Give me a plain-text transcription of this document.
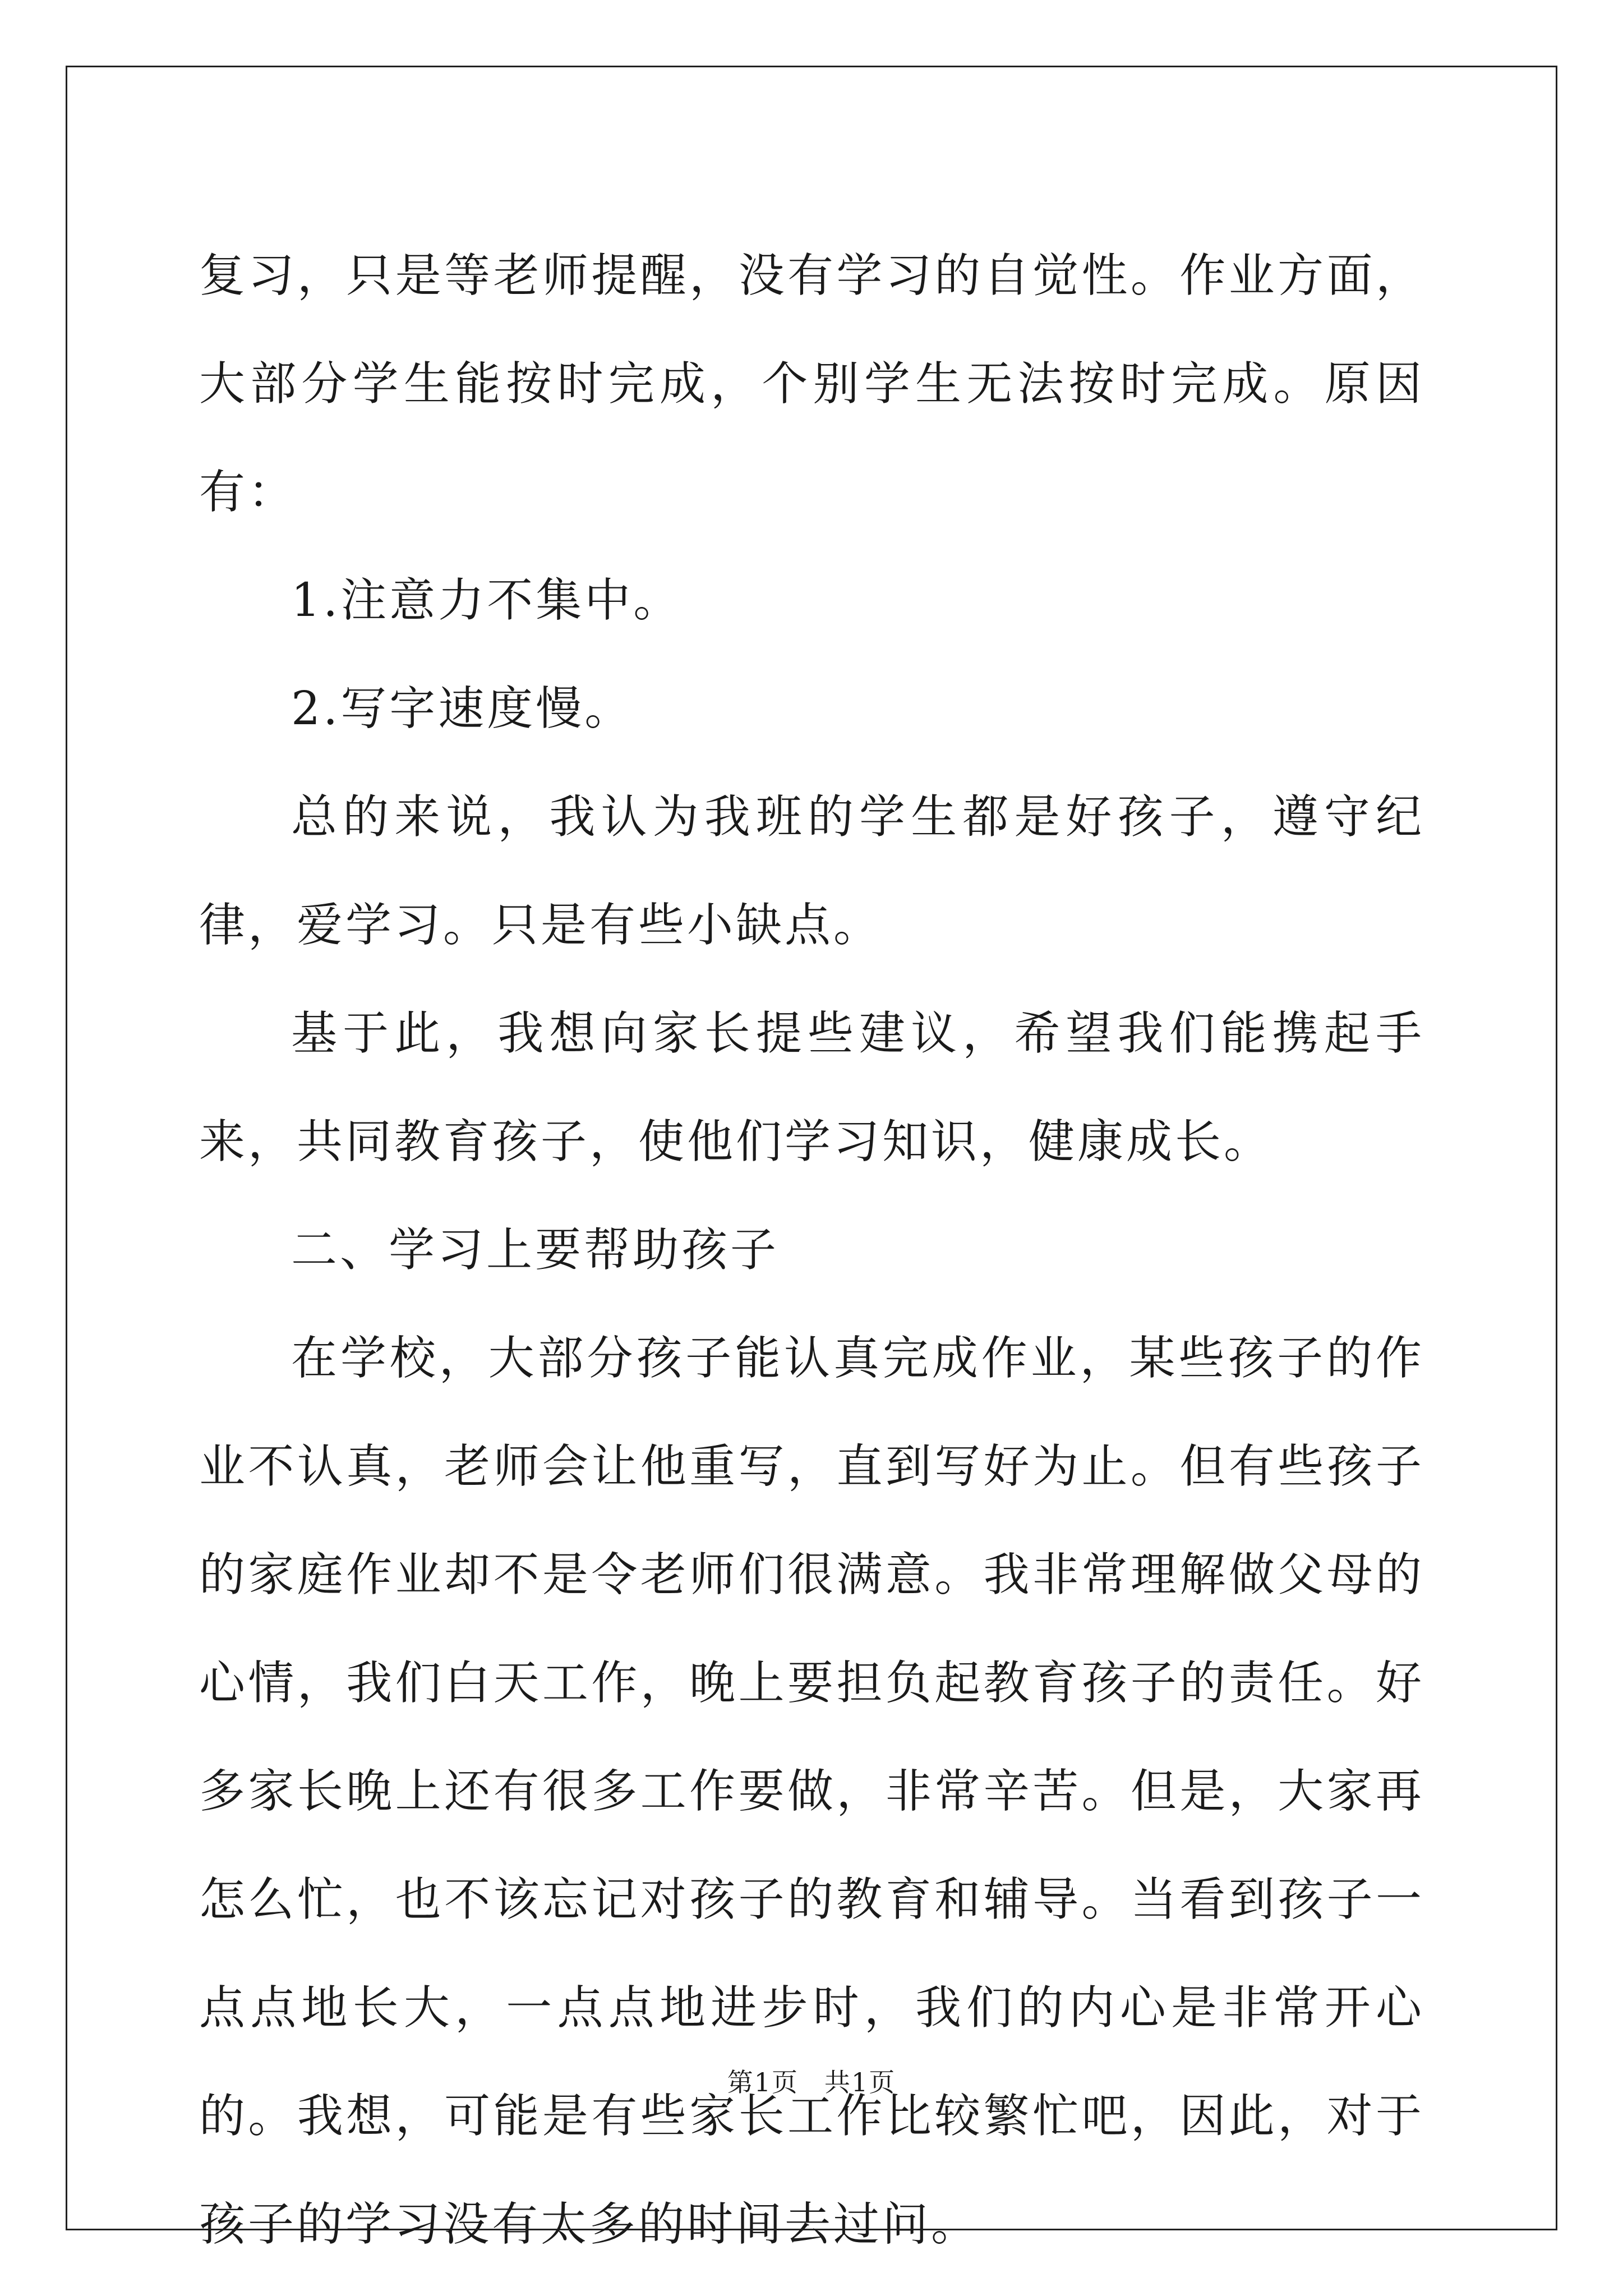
复习，只是等老师提醒，没有学习的自觉性。作业方面，大部分学生能按时完成，个别学生无法按时完成。原因有：

1.注意力不集中。

2.写字速度慢。

总的来说，我认为我班的学生都是好孩子，遵守纪律，爱学习。只是有些小缺点。

基于此，我想向家长提些建议，希望我们能携起手来，共同教育孩子，使他们学习知识，健康成长。

二、学习上要帮助孩子

在学校，大部分孩子能认真完成作业，某些孩子的作业不认真，老师会让他重写，直到写好为止。但有些孩子的家庭作业却不是令老师们很满意。我非常理解做父母的心情，我们白天工作，晚上要担负起教育孩子的责任。好多家长晚上还有很多工作要做，非常辛苦。但是，大家再怎么忙，也不该忘记对孩子的教育和辅导。当看到孩子一点点地长大，一点点地进步时，我们的内心是非常开心的。我想，可能是有些家长工作比较繁忙吧，因此，对于孩子的学习没有太多的时间去过问。

第1页 共1页
